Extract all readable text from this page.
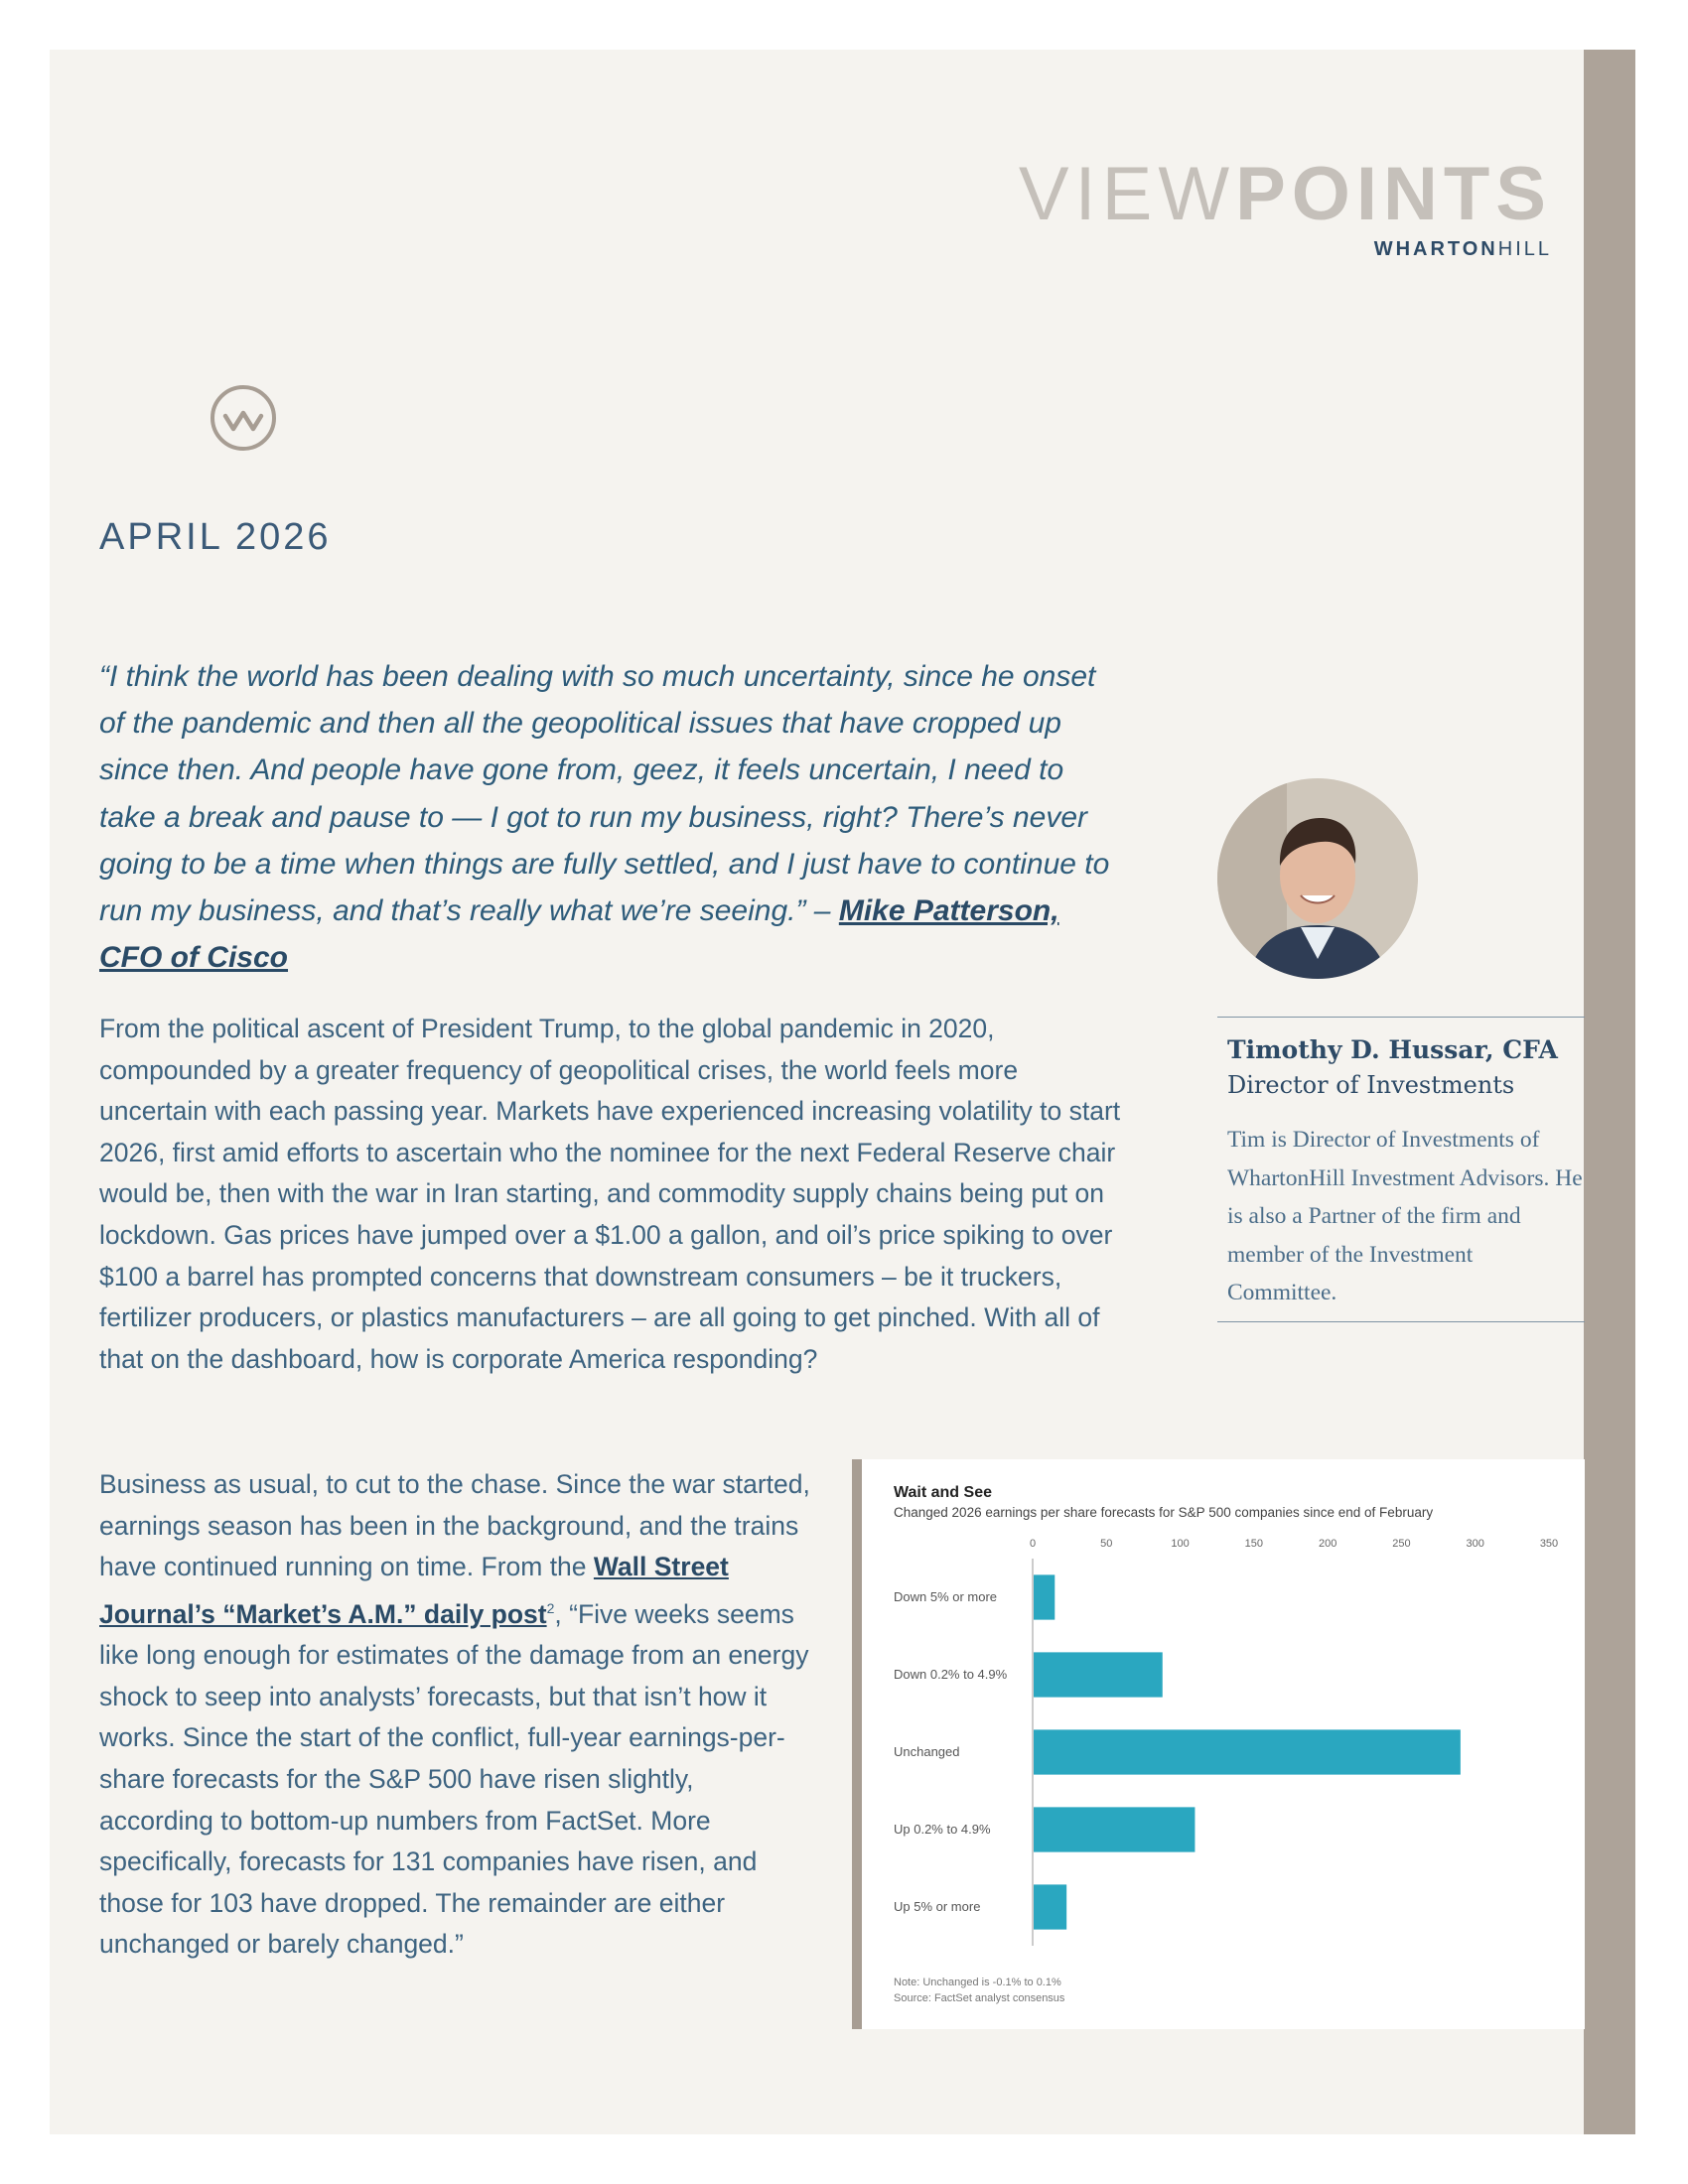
VIEWPOINTS
WHARTONHILL
APRIL 2026
“I think the world has been dealing with so much uncertainty, since he onset of the pandemic and then all the geopolitical issues that have cropped up since then. And people have gone from, geez, it feels uncertain, I need to take a break and pause to — I got to run my business, right? There’s never going to be a time when things are fully settled, and I just have to continue to run my business, and that’s really what we’re seeing.” – Mike Patterson, CFO of Cisco
From the political ascent of President Trump, to the global pandemic in 2020, compounded by a greater frequency of geopolitical crises, the world feels more uncertain with each passing year. Markets have experienced increasing volatility to start 2026, first amid efforts to ascertain who the nominee for the next Federal Reserve chair would be, then with the war in Iran starting, and commodity supply chains being put on lockdown. Gas prices have jumped over a $1.00 a gallon, and oil’s price spiking to over $100 a barrel has prompted concerns that downstream consumers – be it truckers, fertilizer producers, or plastics manufacturers – are all going to get pinched. With all of that on the dashboard, how is corporate America responding?
Business as usual, to cut to the chase. Since the war started, earnings season has been in the background, and the trains have continued running on time. From the Wall Street Journal’s “Market’s A.M.” daily post$^2$, “Five weeks seems like long enough for estimates of the damage from an energy shock to seep into analysts’ forecasts, but that isn’t how it works. Since the start of the conflict, full-year earnings-per-share forecasts for the S&P 500 have risen slightly, according to bottom-up numbers from FactSet. More specifically, forecasts for 131 companies have risen, and those for 103 have dropped. The remainder are either unchanged or barely changed.”
Timothy D. Hussar, CFA
Director of Investments
Tim is Director of Investments of WhartonHill Investment Advisors. He is also a Partner of the firm and member of the Investment Committee.
Wait and See
Changed 2026 earnings per share forecasts for S&P 500 companies since end of February
0	50	100	150	200	250	300	350
Down 5% or more
Down 0.2% to 4.9%
Unchanged
Up 0.2% to 4.9%
Up 5% or more
Note: Unchanged is -0.1% to 0.1%
Source: FactSet analyst consensus
